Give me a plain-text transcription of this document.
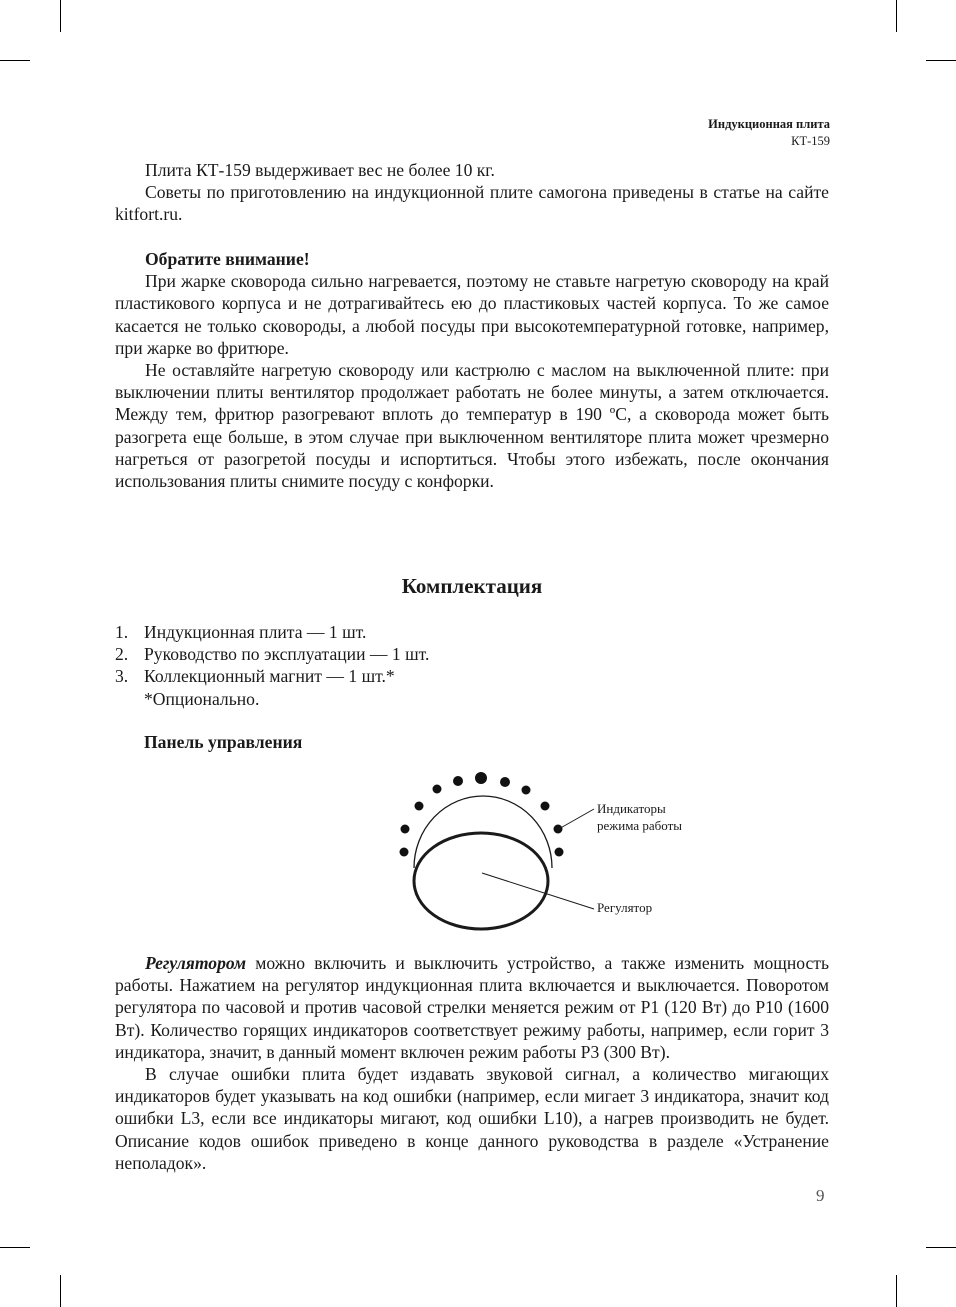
Индукционная плита
КТ-159

Плита КТ-159 выдерживает вес не более 10 кг.

Советы по приготовлению на индукционной плите самогона приведены в статье на сайте kitfort.ru.

Обратите внимание!

При жарке сковорода сильно нагревается, поэтому не ставьте нагретую сковороду на край пластикового корпуса и не дотрагивайтесь ею до пластиковых частей корпуса. То же самое касается не только сковороды, а любой посуды при высокотемпературной готовке, например, при жарке во фритюре.

Не оставляйте нагретую сковороду или кастрюлю с маслом на выключенной плите: при выключении плиты вентилятор продолжает работать не более минуты, а затем отключается. Между тем, фритюр разогревают вплоть до температур в 190 ºС, а сковорода может быть разогрета еще больше, в этом случае при выключенном вентиляторе плита может чрезмерно нагреться от разогретой посуды и испортиться. Чтобы этого избежать, после окончания использования плиты снимите посуду с конфорки.

Комплектация
1. Индукционная плита — 1 шт.
2. Руководство по эксплуатации — 1 шт.
3. Коллекционный магнит — 1 шт.*
*Опционально.
Панель управления
Индикаторы
режима работы
Регулятор

Регулятором можно включить и выключить устройство, а также изменить мощность работы. Нажатием на регулятор индукционная плита включается и выключается. Поворотом регулятора по часовой и против часовой стрелки меняется режим от Р1 (120 Вт) до Р10 (1600 Вт). Количество горящих индикаторов соответствует режиму работы, например, если горит 3 индикатора, значит, в данный момент включен режим работы Р3 (300 Вт).

В случае ошибки плита будет издавать звуковой сигнал, а количество мигающих индикаторов будет указывать на код ошибки (например, если мигает 3 индикатора, значит код ошибки L3, если все индикаторы мигают, код ошибки L10), а нагрев производить не будет. Описание кодов ошибок приведено в конце данного руководства в разделе «Устранение неполадок».

9
